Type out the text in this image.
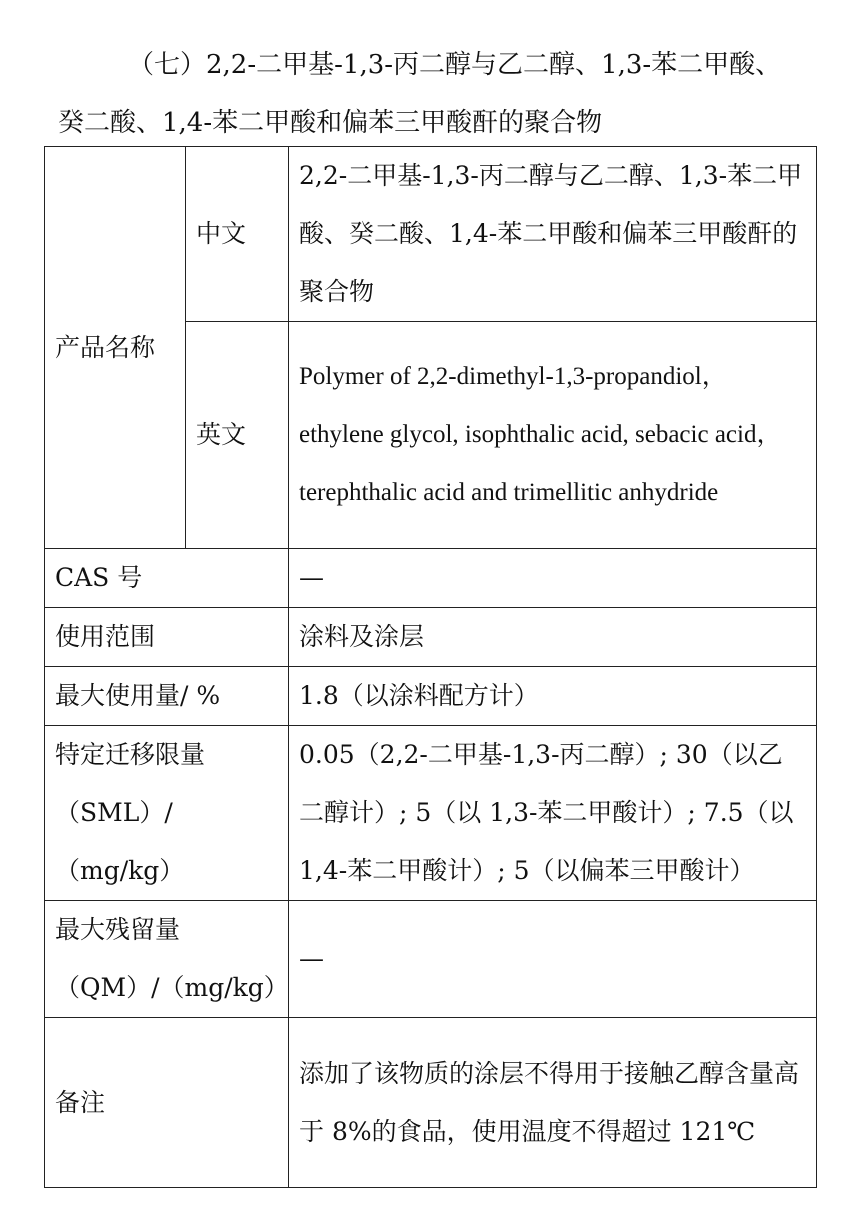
（七）2,2-二甲基-1,3-丙二醇与乙二醇、1,3-苯二甲酸、
癸二酸、1,4-苯二甲酸和偏苯三甲酸酐的聚合物
产品名称	中文	2,2-二甲基-1,3-丙二醇与乙二醇、1,3-苯二甲酸、癸二酸、1,4-苯二甲酸和偏苯三甲酸酐的聚合物
	英文	Polymer of 2,2-dimethyl-1,3-propandiol，ethylene glycol, isophthalic acid, sebacic acid， terephthalic acid and trimellitic anhydride
CAS 号		—
使用范围		涂料及涂层
最大使用量/ %		1.8（以涂料配方计）

特定迁移限量
（SML）/（mg/kg）		0.05（2,2-二甲基-1,3-丙二醇）; 30（以乙二醇计）; 5（以 1,3-苯二甲酸计）; 7.5（以 1,4-苯二甲酸计）; 5（以偏苯三甲酸计）

最大残留量
（QM）/（mg/kg）		—
备注		添加了该物质的涂层不得用于接触乙醇含量高于 8%的食品，使用温度不得超过 121℃
